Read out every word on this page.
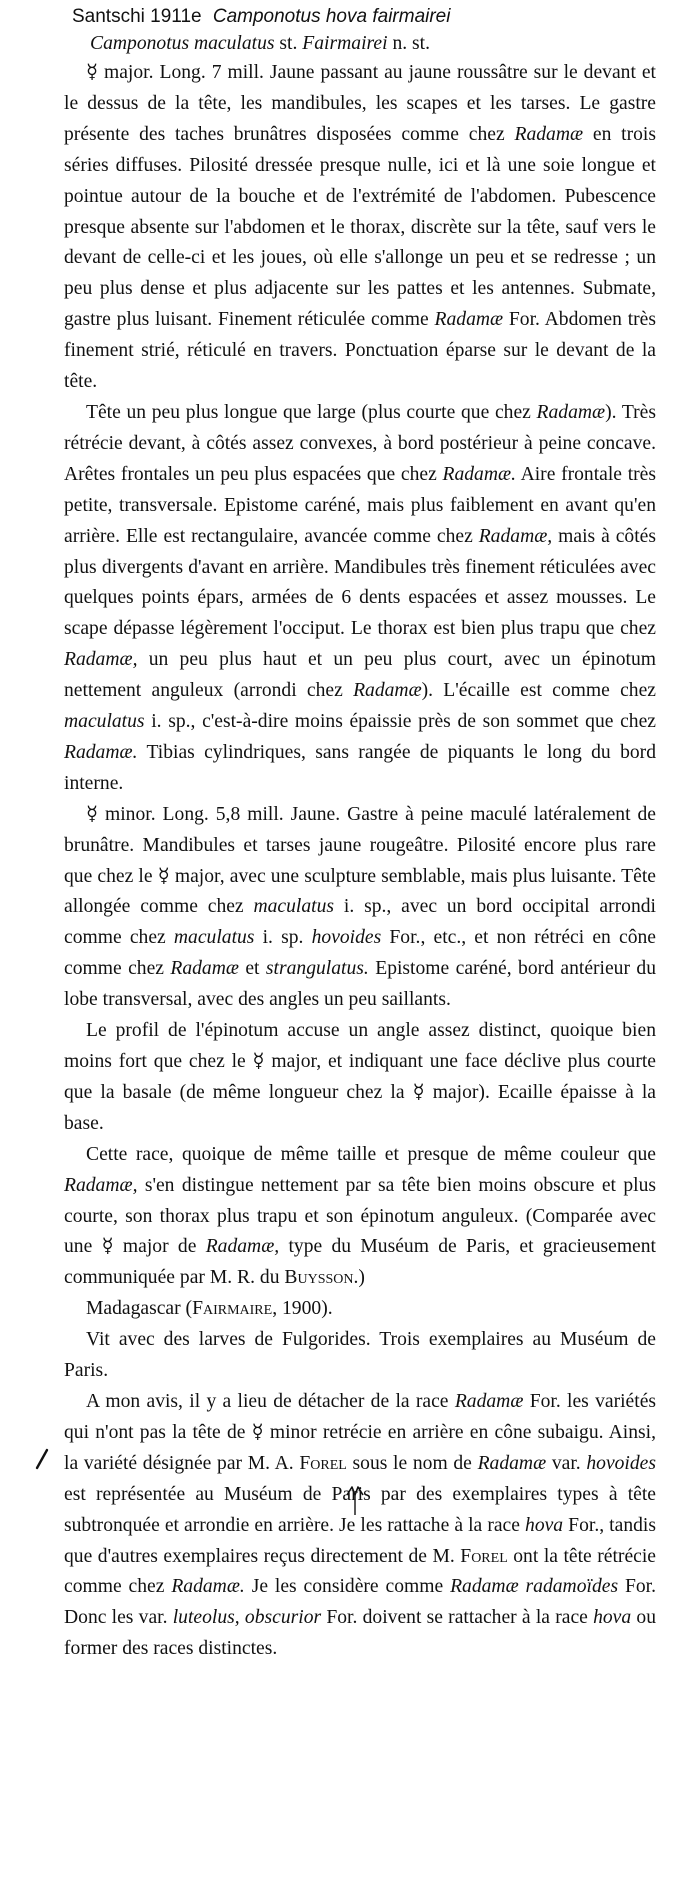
Santschi 1911e Camponotus hova fairmairei

Camponotus maculatus st. Fairmairei n. st.

☿ major. Long. 7 mill. Jaune passant au jaune roussâtre sur le devant et le dessus de la tête, les mandibules, les scapes et les tarses. Le gastre présente des taches brunâtres disposées comme chez Radamæ en trois séries diffuses. Pilosité dressée presque nulle, ici et là une soie longue et pointue autour de la bouche et de l'extrémité de l'abdomen. Pubescence presque absente sur l'abdomen et le thorax, discrète sur la tête, sauf vers le devant de celle-ci et les joues, où elle s'allonge un peu et se redresse ; un peu plus dense et plus adjacente sur les pattes et les antennes. Submate, gastre plus luisant. Finement réticulée comme Radamæ For. Abdomen très finement strié, réticulé en travers. Ponctuation éparse sur le devant de la tête.

Tête un peu plus longue que large (plus courte que chez Radamæ). Très rétrécie devant, à côtés assez convexes, à bord postérieur à peine concave. Arêtes frontales un peu plus espacées que chez Radamæ. Aire frontale très petite, transversale. Epistome caréné, mais plus faiblement en avant qu'en arrière. Elle est rectangulaire, avancée comme chez Radamæ, mais à côtés plus divergents d'avant en arrière. Mandibules très finement réticulées avec quelques points épars, armées de 6 dents espacées et assez mousses. Le scape dépasse légèrement l'occiput. Le thorax est bien plus trapu que chez Radamæ, un peu plus haut et un peu plus court, avec un épinotum nettement anguleux (arrondi chez Radamæ). L'écaille est comme chez maculatus i. sp., c'est-à-dire moins épaissie près de son sommet que chez Radamæ. Tibias cylindriques, sans rangée de piquants le long du bord interne.

☿ minor. Long. 5,8 mill. Jaune. Gastre à peine maculé latéralement de brunâtre. Mandibules et tarses jaune rougeâtre. Pilosité encore plus rare que chez le ☿ major, avec une sculpture semblable, mais plus luisante. Tête allongée comme chez maculatus i. sp., avec un bord occipital arrondi comme chez maculatus i. sp. hovoides For., etc., et non rétréci en cône comme chez Radamæ et strangulatus. Epistome caréné, bord antérieur du lobe transversal, avec des angles un peu saillants.

Le profil de l'épinotum accuse un angle assez distinct, quoique bien moins fort que chez le ☿ major, et indiquant une face déclive plus courte que la basale (de même longueur chez la ☿ major). Ecaille épaisse à la base.

Cette race, quoique de même taille et presque de même couleur que Radamæ, s'en distingue nettement par sa tête bien moins obscure et plus courte, son thorax plus trapu et son épinotum anguleux. (Comparée avec une ☿ major de Radamæ, type du Muséum de Paris, et gracieusement communiquée par M. R. du Buysson.)

Madagascar (Fairmaire, 1900).

Vit avec des larves de Fulgorides. Trois exemplaires au Muséum de Paris.

A mon avis, il y a lieu de détacher de la race Radamæ For. les variétés qui n'ont pas la tête de ☿ minor retrécie en arrière en cône subaigu. Ainsi, la variété désignée par M. A. Forel sous le nom de Radamæ var. hovoides est représentée au Muséum de Paris par des exemplaires types à tête subtronquée et arrondie en arrière. Je les rattache à la race hova For., tandis que d'autres exemplaires reçus directement de M. Forel ont la tête rétrécie comme chez Radamæ. Je les considère comme Radamæ radamoïdes For. Donc les var. luteolus, obscurior For. doivent se rattacher à la race hova ou former des races distinctes.
